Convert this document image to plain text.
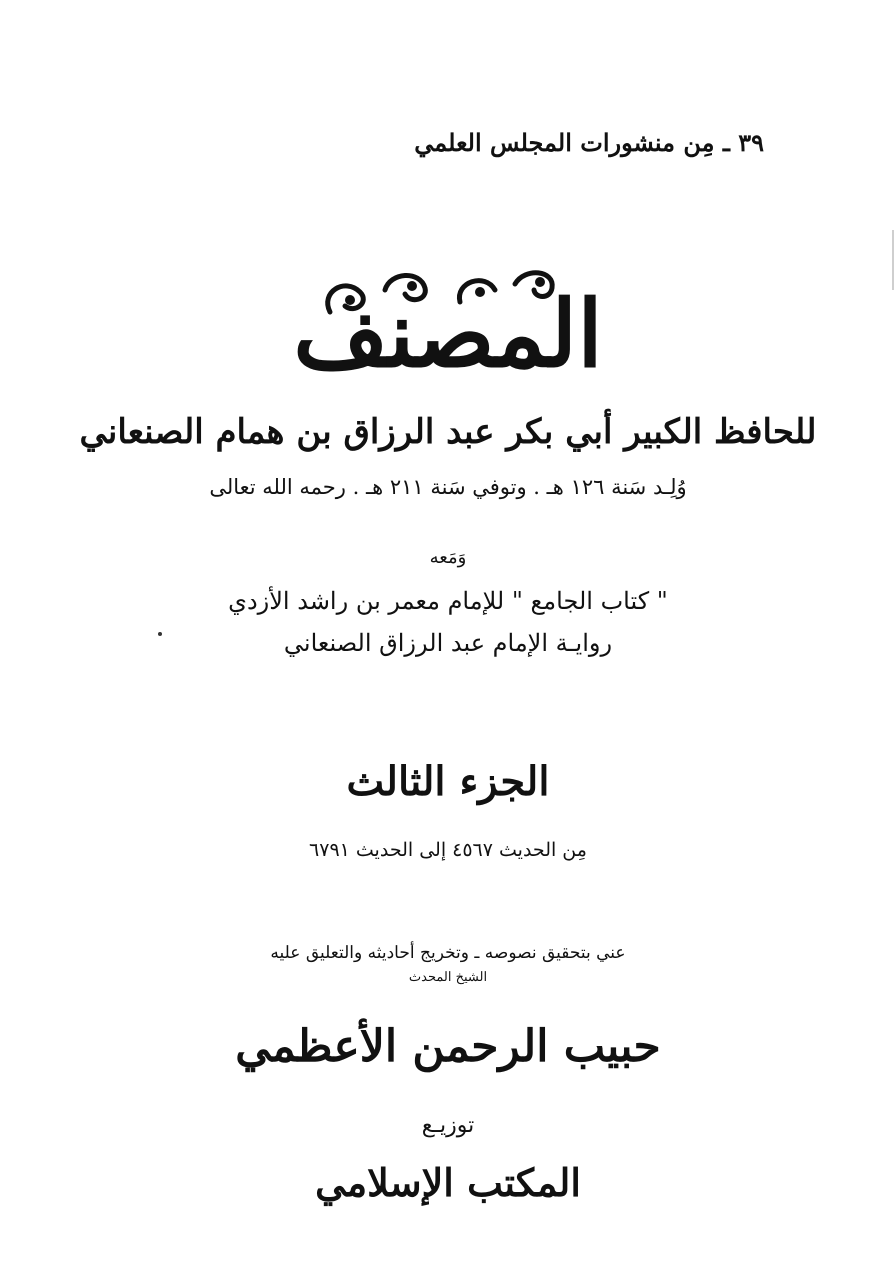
٣٩ ـ مِن منشورات المجلس العلمي
المصنف
للحافظ الكبير أبي بكر عبد الرزاق بن همام الصنعاني
وُلِـد سَنة ١٢٦ هـ . وتوفي سَنة ٢١١ هـ . رحمه الله تعالى
وَمَعه
" كتاب الجامع " للإمام معمر بن راشد الأزدي
روايـة الإمام عبد الرزاق الصنعاني
الجزء الثالث
مِن الحديث ٤٥٦٧ إلى الحديث ٦٧٩١
عني بتحقيق نصوصه ـ وتخريج أحاديثه والتعليق عليه
الشيخ المحدث
حبيب الرحمن الأعظمي
توزيـع
المكتب الإسلامي
